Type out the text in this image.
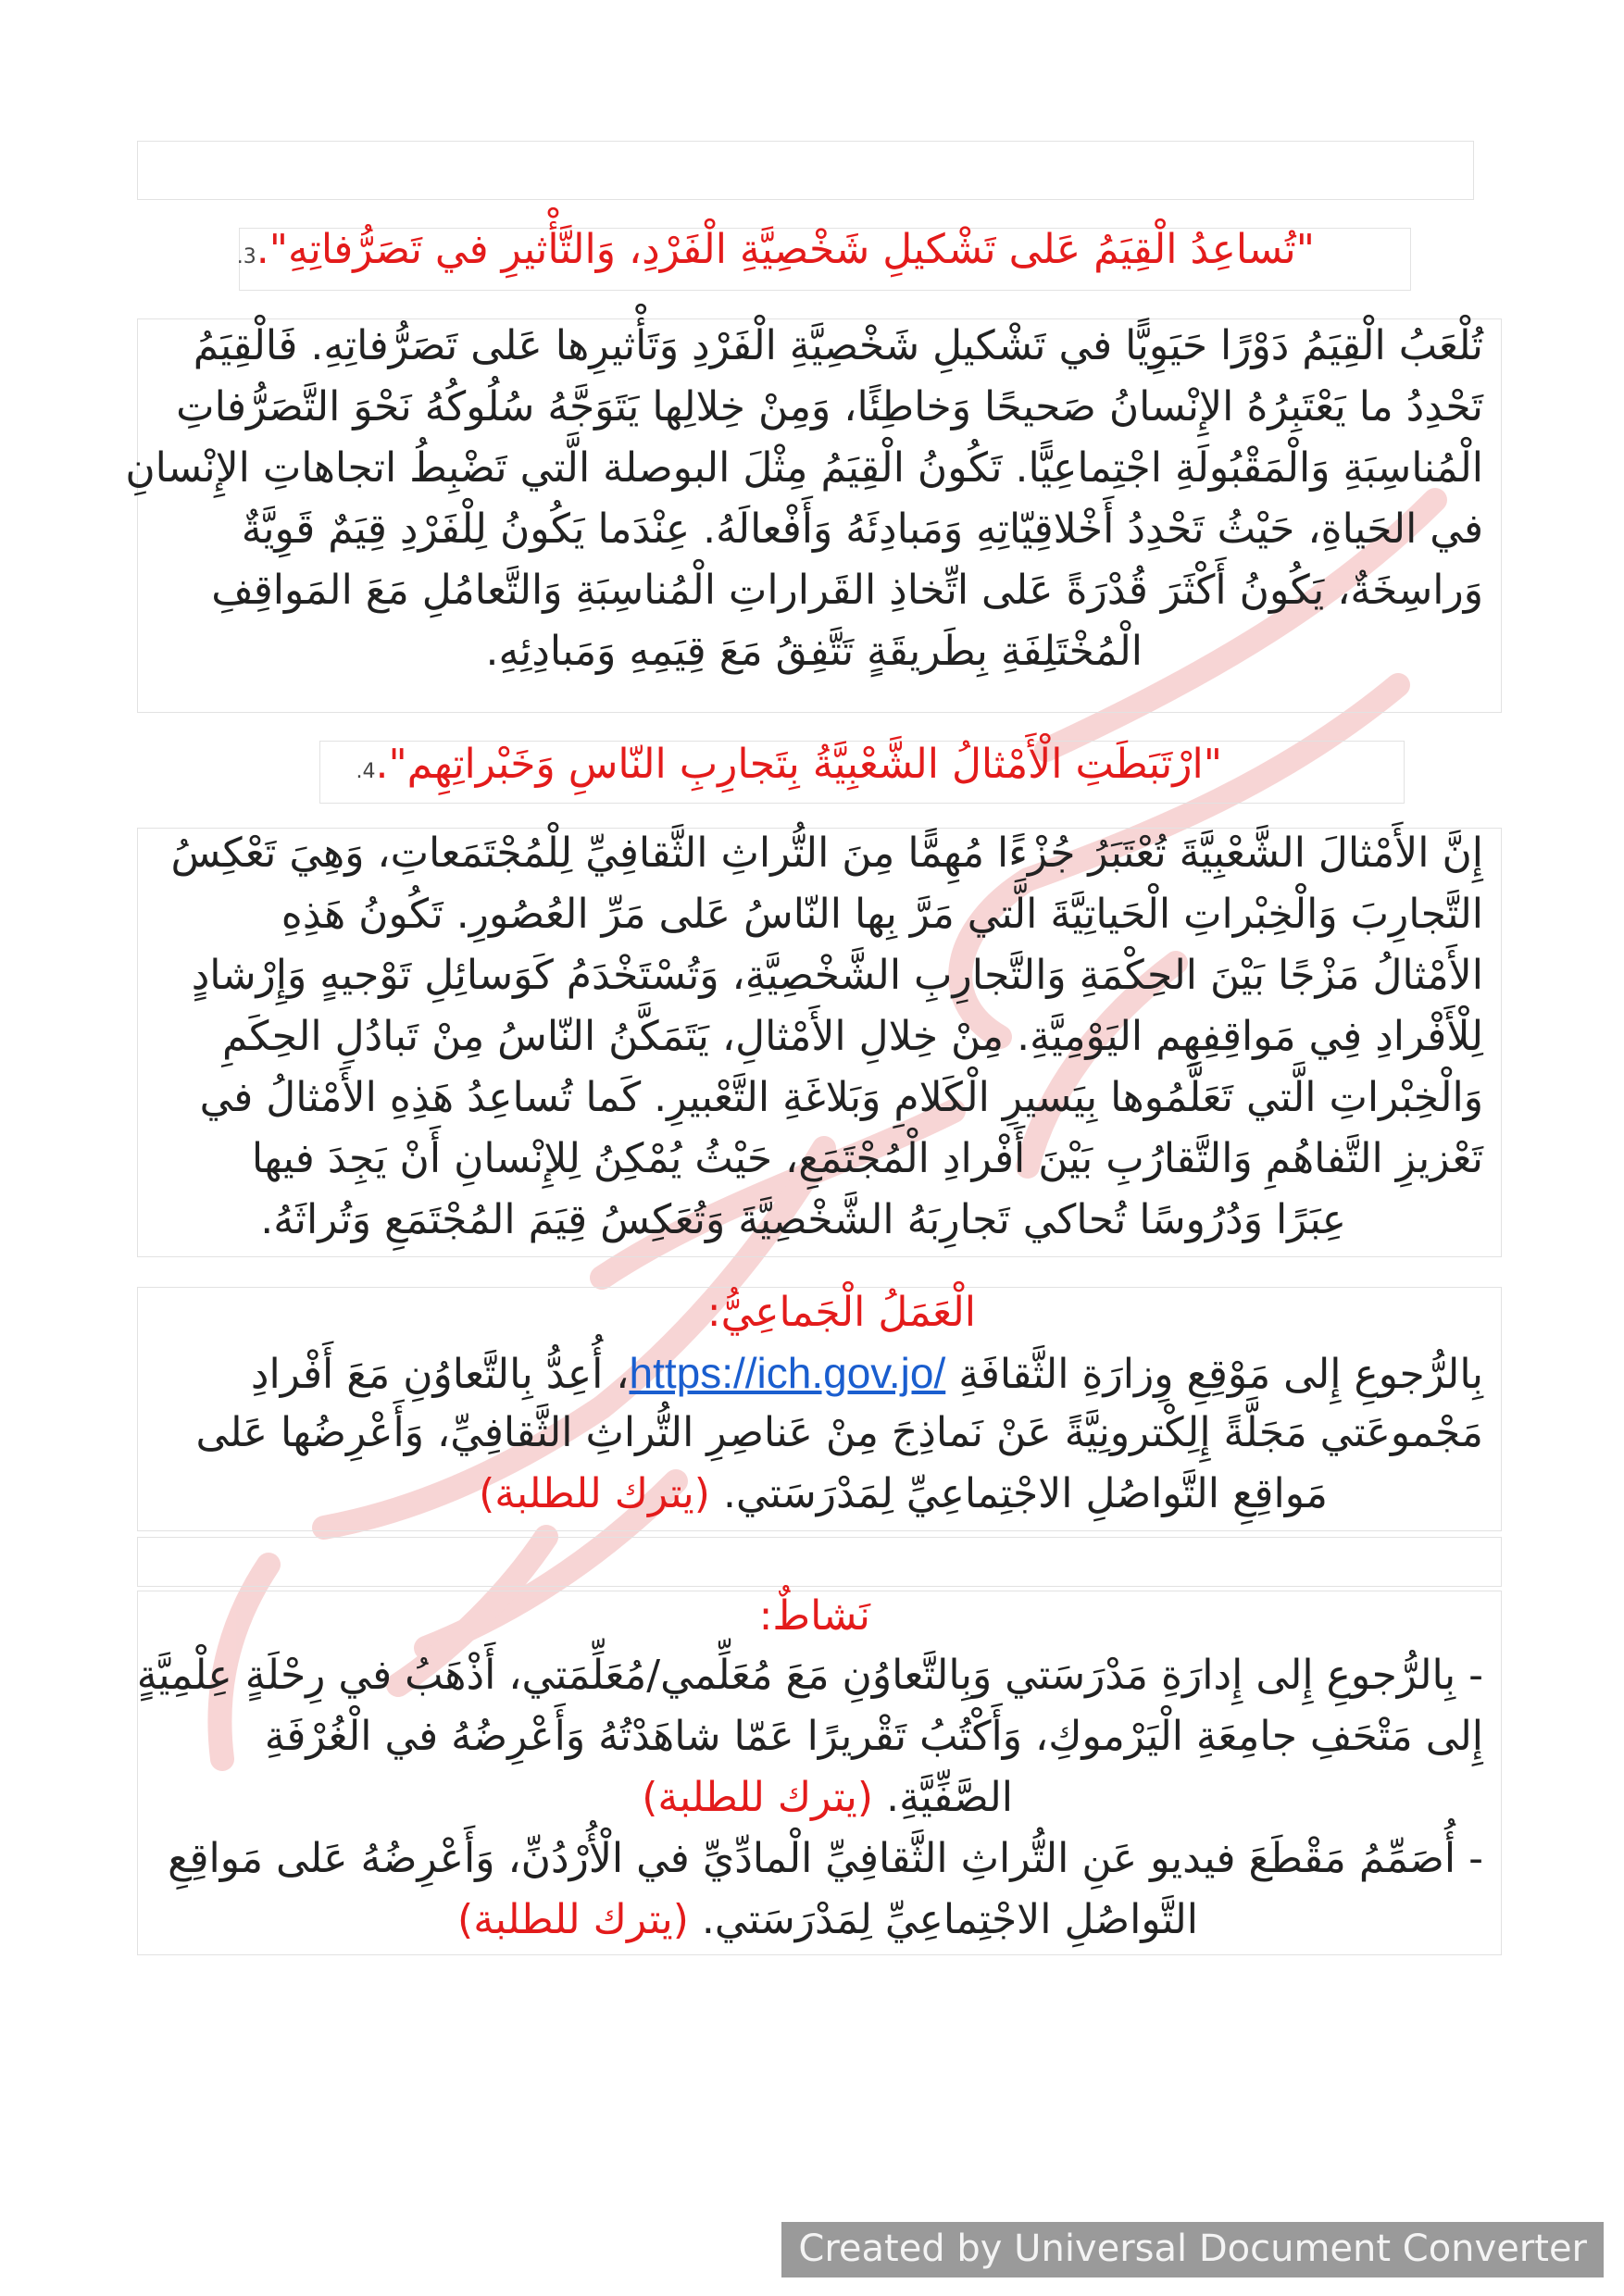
"تُساعِدُ الْقِيَمُ عَلى تَشْكيلِ شَخْصِيَّةِ الْفَرْدِ، وَالتَّأْثيرِ في تَصَرُّفاتِهِ".3.
تُلْعَبُ الْقِيَمُ دَوْرًا حَيَوِيًّا في تَشْكيلِ شَخْصِيَّةِ الْفَرْدِ وَتَأْثيرِها عَلى تَصَرُّفاتِهِ. فَالْقِيَمُ
تَحْدِدُ ما يَعْتَبِرُهُ الإِنْسانُ صَحيحًا وَخاطِئًا، وَمِنْ خِلالِها يَتَوَجَّهُ سُلُوكُهُ نَحْوَ التَّصَرُّفاتِ
الْمُناسِبَةِ وَالْمَقْبُولَةِ اجْتِماعِيًّا. تَكُونُ الْقِيَمُ مِثْلَ البوصلة الَّتي تَضْبِطُ اتجاهاتِ الإِنْسانِ
في الحَياةِ، حَيْثُ تَحْدِدُ أَخْلاقِيّاتِهِ وَمَبادِئَهُ وَأَفْعالَهُ. عِنْدَما يَكُونُ لِلْفَرْدِ قِيَمٌ قَوِيَّةٌ
وَراسِخَةٌ، يَكُونُ أَكْثَرَ قُدْرَةً عَلى اتِّخاذِ القَراراتِ الْمُناسِبَةِ وَالتَّعامُلِ مَعَ المَواقِفِ
الْمُخْتَلِفَةِ بِطَريقَةٍ تَتَّفِقُ مَعَ قِيَمِهِ وَمَبادِئِهِ.
"ارْتَبَطَتِ الْأَمْثالُ الشَّعْبِيَّةُ بِتَجارِبِ النّاسِ وَخَبْراتِهِم".4.
إِنَّ الأَمْثالَ الشَّعْبِيَّةَ تُعْتَبَرُ جُزْءًا مُهِمًّا مِنَ التُّراثِ الثَّقافِيِّ لِلْمُجْتَمَعاتِ، وَهِيَ تَعْكِسُ
التَّجارِبَ وَالْخِبْراتِ الْحَياتِيَّةَ الَّتي مَرَّ بِها النّاسُ عَلى مَرِّ العُصُورِ. تَكُونُ هَذِهِ
الأَمْثالُ مَزْجًا بَيْنَ الحِكْمَةِ وَالتَّجارِبِ الشَّخْصِيَّةِ، وَتُسْتَخْدَمُ كَوَسائِلِ تَوْجيهٍ وَإِرْشادٍ
لِلْأَفْرادِ فِي مَواقِفِهِم اليَوْمِيَّةِ. مِنْ خِلالِ الأَمْثالِ، يَتَمَكَّنُ النّاسُ مِنْ تَبادُلِ الحِكَمِ
وَالْخِبْراتِ الَّتي تَعَلَّمُوها بِيَسيرِ الْكَلامِ وَبَلاغَةِ التَّعْبيرِ. كَما تُساعِدُ هَذِهِ الأَمْثالُ في
تَعْزيزِ التَّفاهُمِ وَالتَّقارُبِ بَيْنَ أَفْرادِ الْمُجْتَمَعِ، حَيْثُ يُمْكِنُ لِلإِنْسانِ أَنْ يَجِدَ فيها
عِبَرًا وَدُرُوسًا تُحاكي تَجارِبَهُ الشَّخْصِيَّةَ وَتُعَكِسُ قِيَمَ المُجْتَمَعِ وَتُراثَهُ.
الْعَمَلُ الْجَماعِيُّ:
بِالرُّجوعِ إِلى مَوْقِعِ وِزارَةِ الثَّقافَةِ https://ich.gov.jo/، أُعِدُّ بِالتَّعاوُنِ مَعَ أَفْرادِ
مَجْموعَتي مَجَلَّةً إِلِكْترونِيَّةً عَنْ نَماذِجَ مِنْ عَناصِرِ التُّراثِ الثَّقافِيِّ، وَأَعْرِضُها عَلى
مَواقِعِ التَّواصُلِ الاجْتِماعِيِّ لِمَدْرَسَتي. (يترك للطلبة)
نَشاطٌ:
- بِالرُّجوعِ إِلى إِدارَةِ مَدْرَسَتي وَبِالتَّعاوُنِ مَعَ مُعَلِّمي/مُعَلِّمَتي، أَذْهَبُ في رِحْلَةٍ عِلْمِيَّةٍ
إِلى مَتْحَفِ جامِعَةِ الْيَرْموكِ، وَأَكْتُبُ تَقْريرًا عَمّا شاهَدْتُهُ وَأَعْرِضُهُ في الْغُرْفَةِ
الصَّفِّيَّةِ. (يترك للطلبة)
- أُصَمِّمُ مَقْطَعَ فيديو عَنِ التُّراثِ الثَّقافِيِّ الْمادِّيِّ في الْأُرْدُنِّ، وَأَعْرِضُهُ عَلى مَواقِعِ
التَّواصُلِ الاجْتِماعِيِّ لِمَدْرَسَتي. (يترك للطلبة)
Created by Universal Document Converter
